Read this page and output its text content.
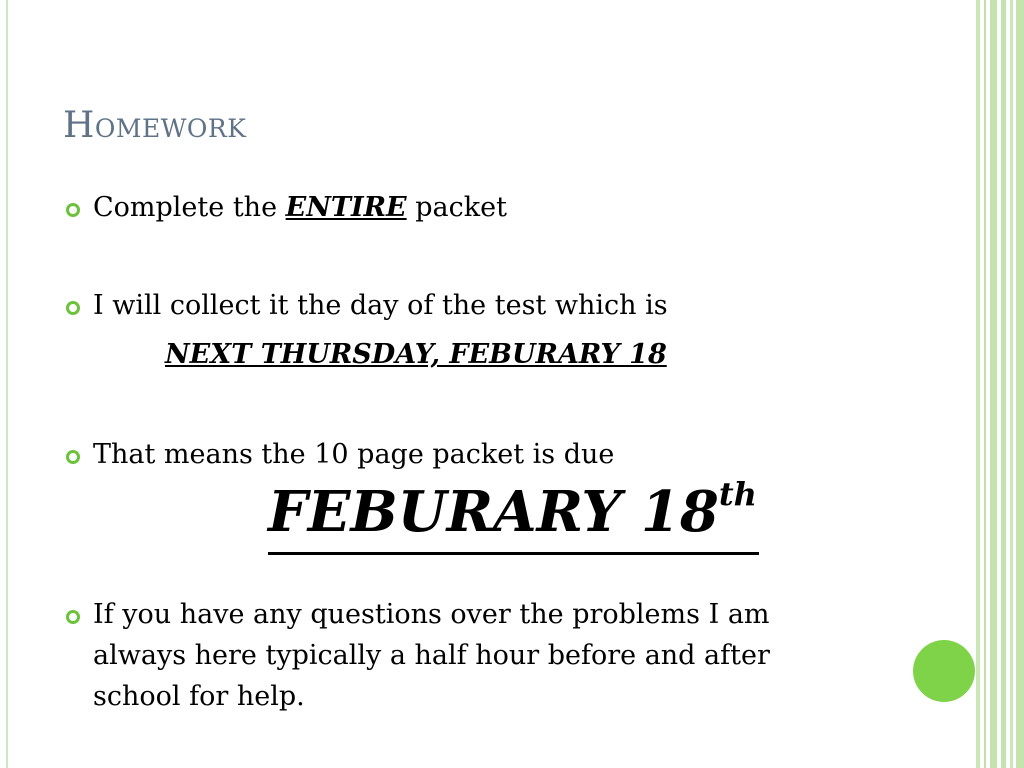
Homework
Complete the ENTIRE packet
I will collect it the day of the test which is
NEXT THURSDAY, FEBURARY 18
That means the 10 page packet is due
FEBURARY 18th
If you have any questions over the problems I am
always here typically a half hour before and after
school for help.
